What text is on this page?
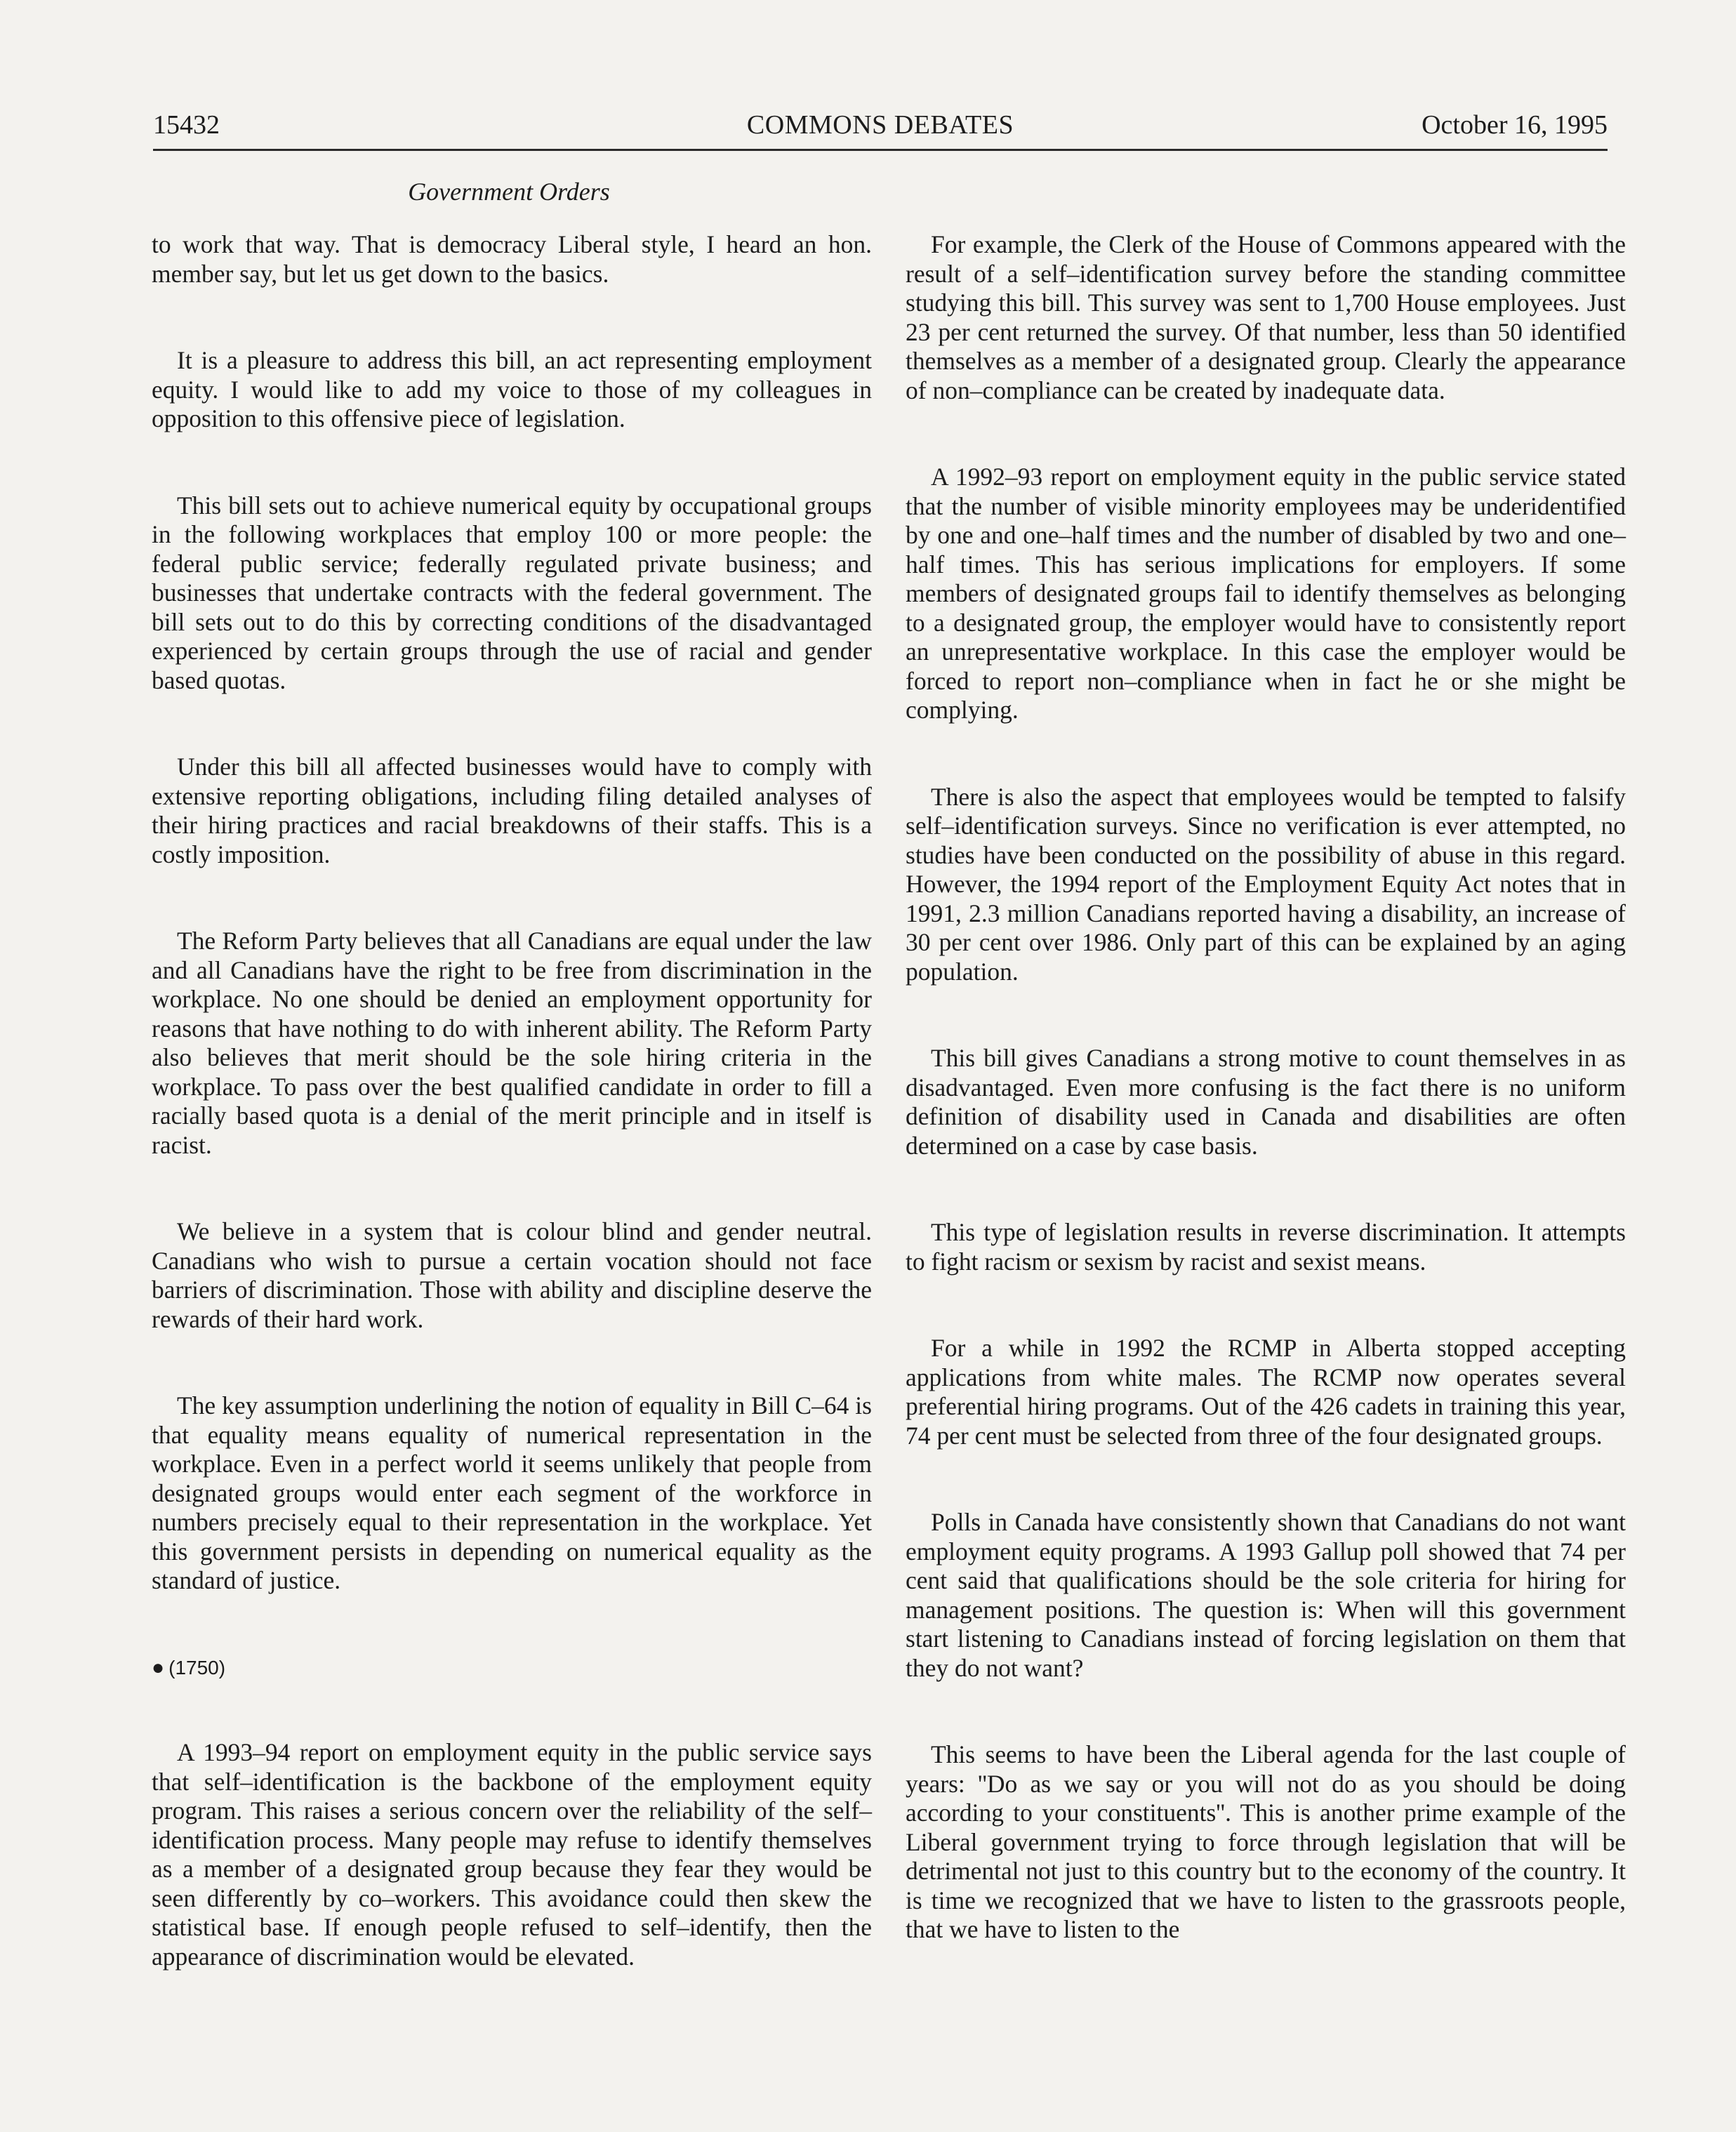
15432	COMMONS DEBATES	October 16, 1995
Government Orders

to work that way. That is democracy Liberal style, I heard an hon. member say, but let us get down to the basics.

It is a pleasure to address this bill, an act representing employment equity. I would like to add my voice to those of my colleagues in opposition to this offensive piece of legislation.

This bill sets out to achieve numerical equity by occupational groups in the following workplaces that employ 100 or more people: the federal public service; federally regulated private business; and businesses that undertake contracts with the federal government. The bill sets out to do this by correcting conditions of the disadvantaged experienced by certain groups through the use of racial and gender based quotas.

Under this bill all affected businesses would have to comply with extensive reporting obligations, including filing detailed analyses of their hiring practices and racial breakdowns of their staffs. This is a costly imposition.

The Reform Party believes that all Canadians are equal under the law and all Canadians have the right to be free from discrimination in the workplace. No one should be denied an employment opportunity for reasons that have nothing to do with inherent ability. The Reform Party also believes that merit should be the sole hiring criteria in the workplace. To pass over the best qualified candidate in order to fill a racially based quota is a denial of the merit principle and in itself is racist.

We believe in a system that is colour blind and gender neutral. Canadians who wish to pursue a certain vocation should not face barriers of discrimination. Those with ability and discipline deserve the rewards of their hard work.

The key assumption underlining the notion of equality in Bill C–64 is that equality means equality of numerical representation in the workplace. Even in a perfect world it seems unlikely that people from designated groups would enter each segment of the workforce in numbers precisely equal to their representation in the workplace. Yet this government persists in depending on numerical equality as the standard of justice.

● (1750)

A 1993–94 report on employment equity in the public service says that self–identification is the backbone of the employment equity program. This raises a serious concern over the reliability of the self–identification process. Many people may refuse to identify themselves as a member of a designated group because they fear they would be seen differently by co–workers. This avoidance could then skew the statistical base. If enough people refused to self–identify, then the appearance of discrimination would be elevated.

For example, the Clerk of the House of Commons appeared with the result of a self–identification survey before the standing committee studying this bill. This survey was sent to 1,700 House employees. Just 23 per cent returned the survey. Of that number, less than 50 identified themselves as a member of a designated group. Clearly the appearance of non–compliance can be created by inadequate data.

A 1992–93 report on employment equity in the public service stated that the number of visible minority employees may be underidentified by one and one–half times and the number of disabled by two and one–half times. This has serious implications for employers. If some members of designated groups fail to identify themselves as belonging to a designated group, the employer would have to consistently report an unrepresentative workplace. In this case the employer would be forced to report non–compliance when in fact he or she might be complying.

There is also the aspect that employees would be tempted to falsify self–identification surveys. Since no verification is ever attempted, no studies have been conducted on the possibility of abuse in this regard. However, the 1994 report of the Employment Equity Act notes that in 1991, 2.3 million Canadians reported having a disability, an increase of 30 per cent over 1986. Only part of this can be explained by an aging population.

This bill gives Canadians a strong motive to count themselves in as disadvantaged. Even more confusing is the fact there is no uniform definition of disability used in Canada and disabilities are often determined on a case by case basis.

This type of legislation results in reverse discrimination. It attempts to fight racism or sexism by racist and sexist means.

For a while in 1992 the RCMP in Alberta stopped accepting applications from white males. The RCMP now operates several preferential hiring programs. Out of the 426 cadets in training this year, 74 per cent must be selected from three of the four designated groups.

Polls in Canada have consistently shown that Canadians do not want employment equity programs. A 1993 Gallup poll showed that 74 per cent said that qualifications should be the sole criteria for hiring for management positions. The question is: When will this government start listening to Canadians instead of forcing legislation on them that they do not want?

This seems to have been the Liberal agenda for the last couple of years: ''Do as we say or you will not do as you should be doing according to your constituents''. This is another prime example of the Liberal government trying to force through legislation that will be detrimental not just to this country but to the economy of the country. It is time we recognized that we have to listen to the grassroots people, that we have to listen to the
